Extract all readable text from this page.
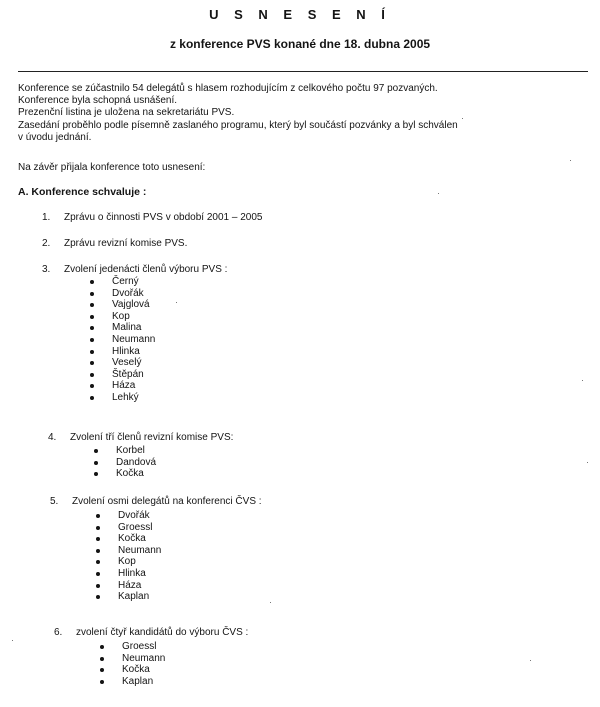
U S N E S E N Í
z konference PVS konané dne 18. dubna 2005
Konference se zúčastnilo 54 delegátů s hlasem rozhodujícím z celkového počtu 97 pozvaných.
Konference byla schopná usnášení.
Prezenční listina je uložena na sekretariátu PVS.
Zasedání proběhlo podle písemně zaslaného programu, který byl součástí pozvánky a byl schválen
v úvodu jednání.
Na závěr přijala konference toto usnesení:
A. Konference schvaluje :
1. Zprávu o činnosti PVS v období 2001 – 2005
2. Zprávu revizní komise PVS.
3. Zvolení jedenácti členů výboru PVS :
Černý
Dvořák
Vajglová
Kop
Malina
Neumann
Hlinka
Veselý
Štěpán
Háza
Lehký
4. Zvolení tří členů revizní komise PVS:
Korbel
Dandová
Kočka
5. Zvolení osmi delegátů na konferenci ČVS :
Dvořák
Groessl
Kočka
Neumann
Kop
Hlinka
Háza
Kaplan
6. zvolení čtyř kandidátů do výboru ČVS :
Groessl
Neumann
Kočka
Kaplan
